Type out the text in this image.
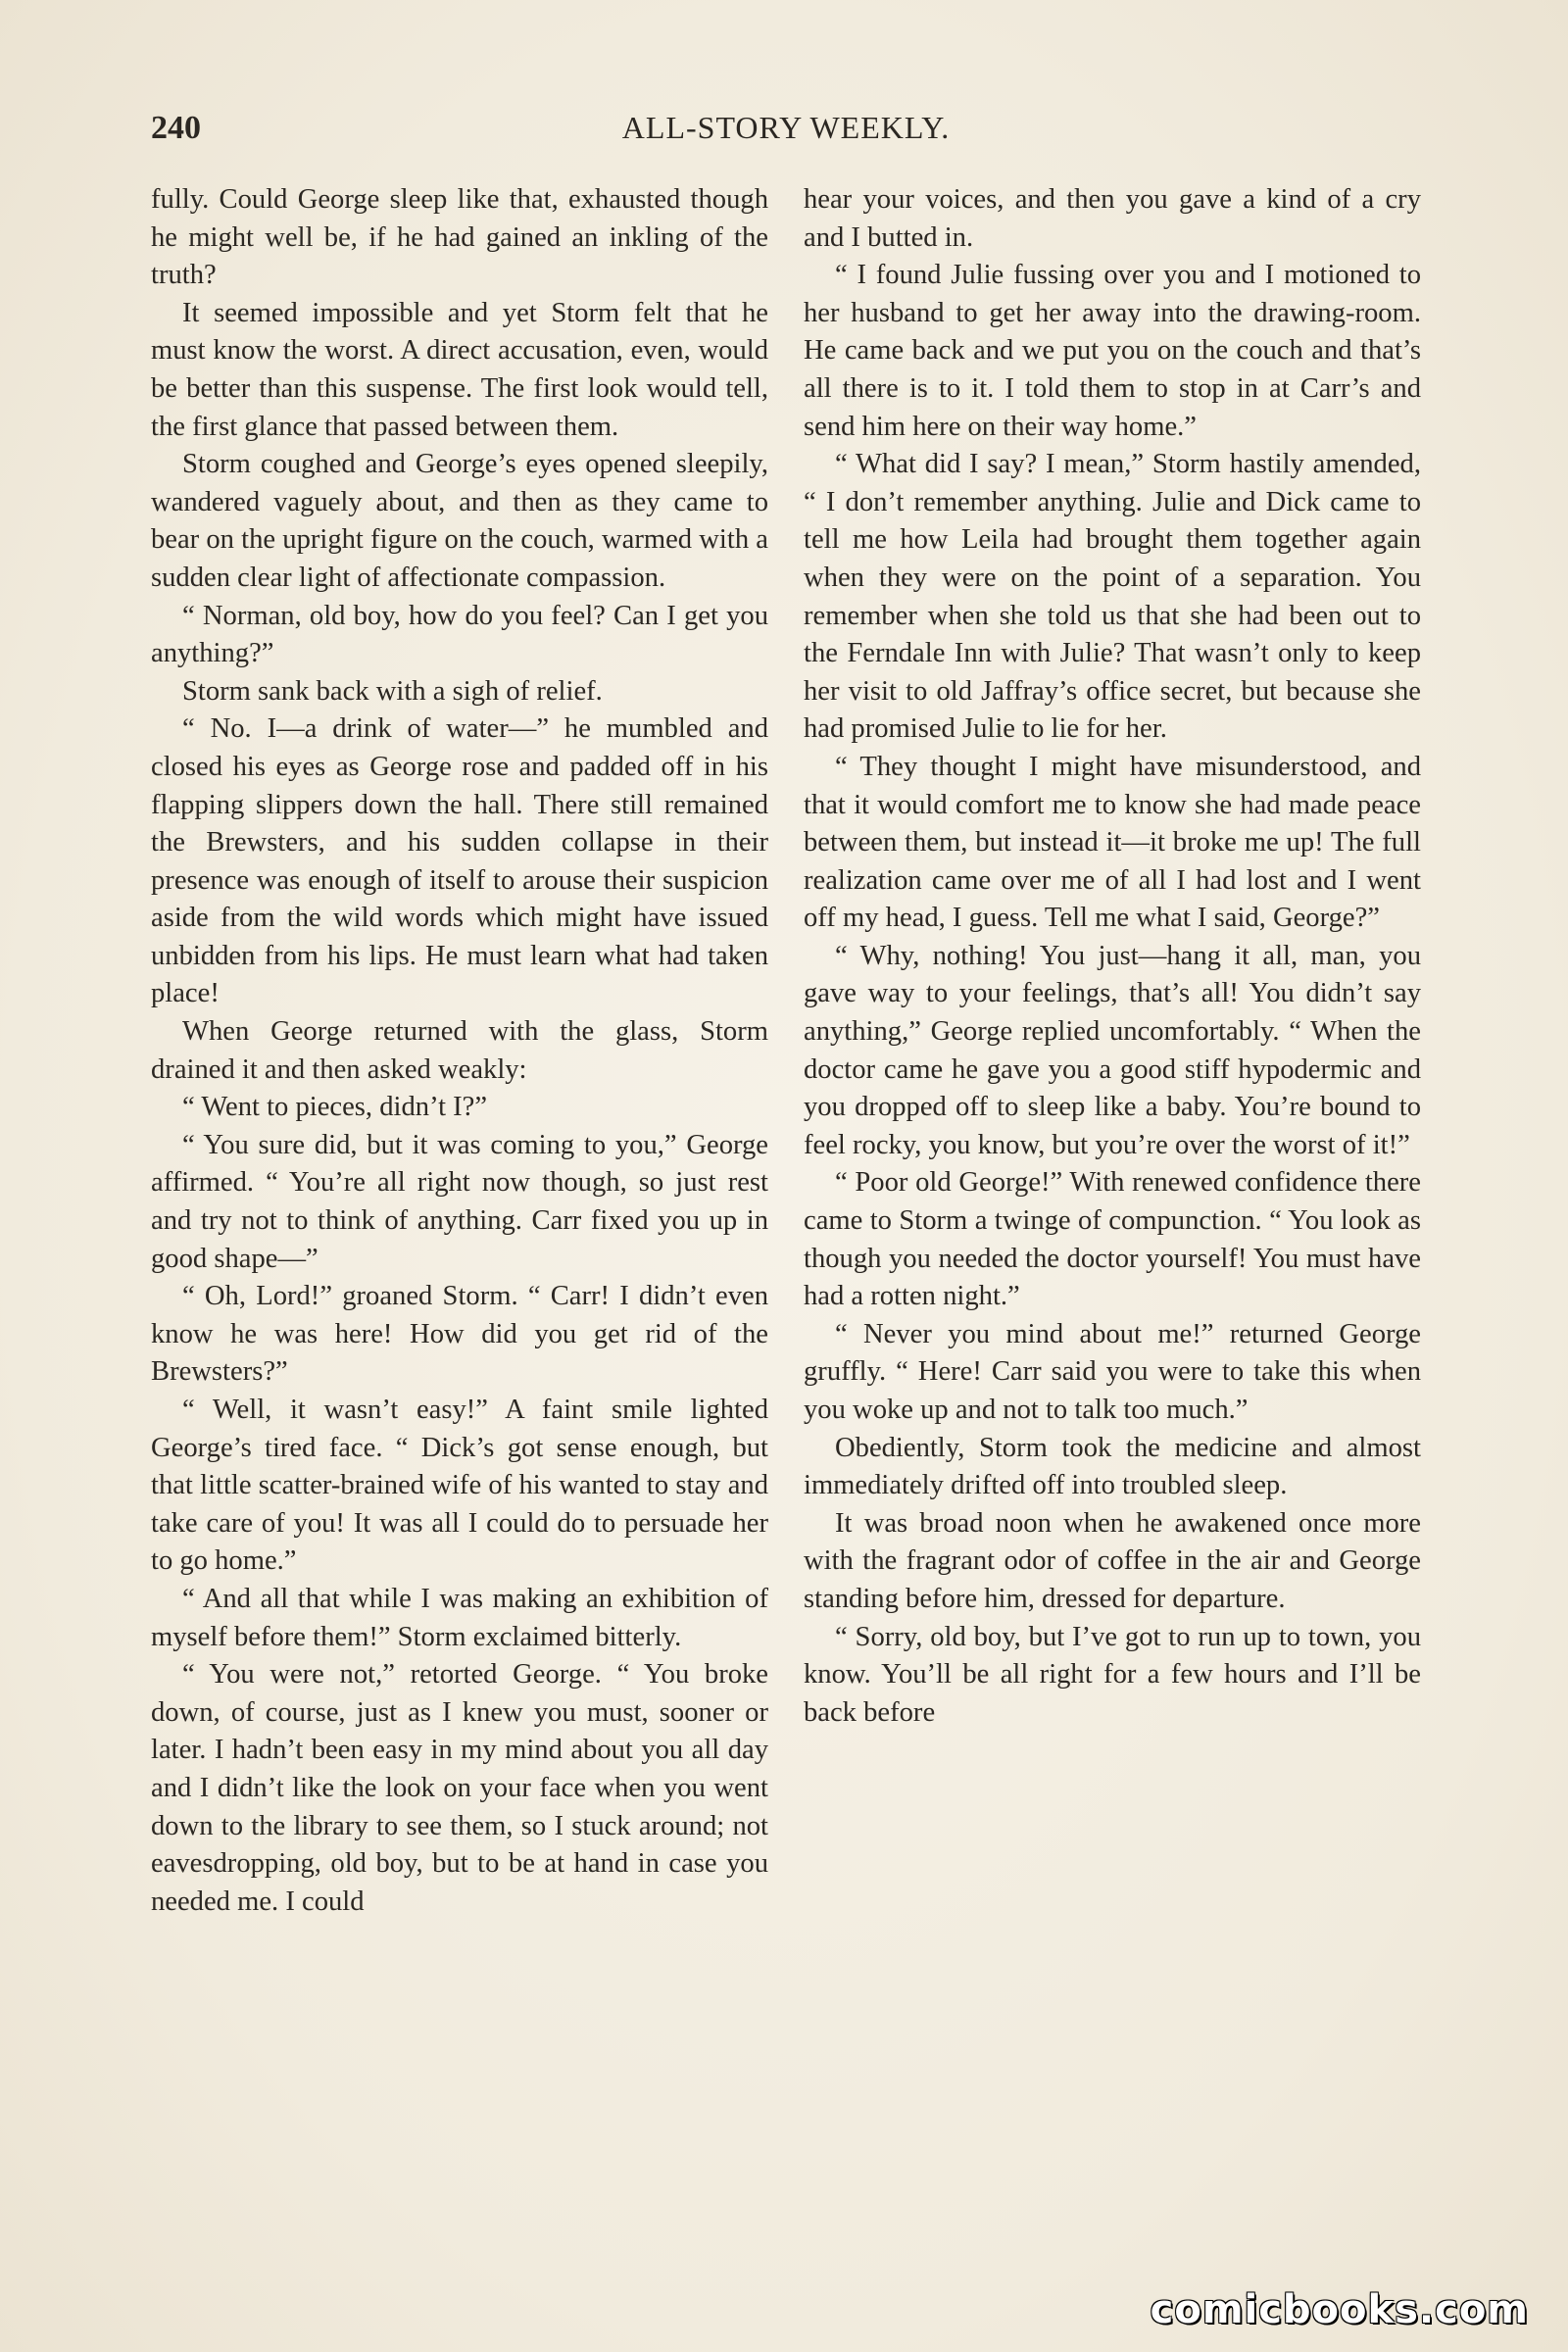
240	ALL-STORY WEEKLY.

fully. Could George sleep like that, exhausted though he might well be, if he had gained an inkling of the truth?

It seemed impossible and yet Storm felt that he must know the worst. A direct accusation, even, would be better than this suspense. The first look would tell, the first glance that passed between them.

Storm coughed and George’s eyes opened sleepily, wandered vaguely about, and then as they came to bear on the upright figure on the couch, warmed with a sudden clear light of affectionate compassion.

“ Norman, old boy, how do you feel? Can I get you anything?”

Storm sank back with a sigh of relief.

“ No. I—a drink of water—” he mumbled and closed his eyes as George rose and padded off in his flapping slippers down the hall. There still remained the Brewsters, and his sudden collapse in their presence was enough of itself to arouse their suspicion aside from the wild words which might have issued unbidden from his lips. He must learn what had taken place!

When George returned with the glass, Storm drained it and then asked weakly:

“ Went to pieces, didn’t I?”

“ You sure did, but it was coming to you,” George affirmed. “ You’re all right now though, so just rest and try not to think of anything. Carr fixed you up in good shape—”

“ Oh, Lord!” groaned Storm. “ Carr! I didn’t even know he was here! How did you get rid of the Brewsters?”

“ Well, it wasn’t easy!” A faint smile lighted George’s tired face. “ Dick’s got sense enough, but that little scatter-brained wife of his wanted to stay and take care of you! It was all I could do to persuade her to go home.”

“ And all that while I was making an exhibition of myself before them!” Storm exclaimed bitterly.

“ You were not,” retorted George. “ You broke down, of course, just as I knew you must, sooner or later. I hadn’t been easy in my mind about you all day and I didn’t like the look on your face when you went down to the library to see them, so I stuck around; not eavesdropping, old boy, but to be at hand in case you needed me. I could

hear your voices, and then you gave a kind of a cry and I butted in.

“ I found Julie fussing over you and I motioned to her husband to get her away into the drawing-room. He came back and we put you on the couch and that’s all there is to it. I told them to stop in at Carr’s and send him here on their way home.”

“ What did I say? I mean,” Storm hastily amended, “ I don’t remember anything. Julie and Dick came to tell me how Leila had brought them together again when they were on the point of a separation. You remember when she told us that she had been out to the Ferndale Inn with Julie? That wasn’t only to keep her visit to old Jaffray’s office secret, but because she had promised Julie to lie for her.

“ They thought I might have misunderstood, and that it would comfort me to know she had made peace between them, but instead it—it broke me up! The full realization came over me of all I had lost and I went off my head, I guess. Tell me what I said, George?”

“ Why, nothing! You just—hang it all, man, you gave way to your feelings, that’s all! You didn’t say anything,” George replied uncomfortably. “ When the doctor came he gave you a good stiff hypodermic and you dropped off to sleep like a baby. You’re bound to feel rocky, you know, but you’re over the worst of it!”

“ Poor old George!” With renewed confidence there came to Storm a twinge of compunction. “ You look as though you needed the doctor yourself! You must have had a rotten night.”

“ Never you mind about me!” returned George gruffly. “ Here! Carr said you were to take this when you woke up and not to talk too much.”

Obediently, Storm took the medicine and almost immediately drifted off into troubled sleep.

It was broad noon when he awakened once more with the fragrant odor of coffee in the air and George standing before him, dressed for departure.

“ Sorry, old boy, but I’ve got to run up to town, you know. You’ll be all right for a few hours and I’ll be back before

comicbooks.com
